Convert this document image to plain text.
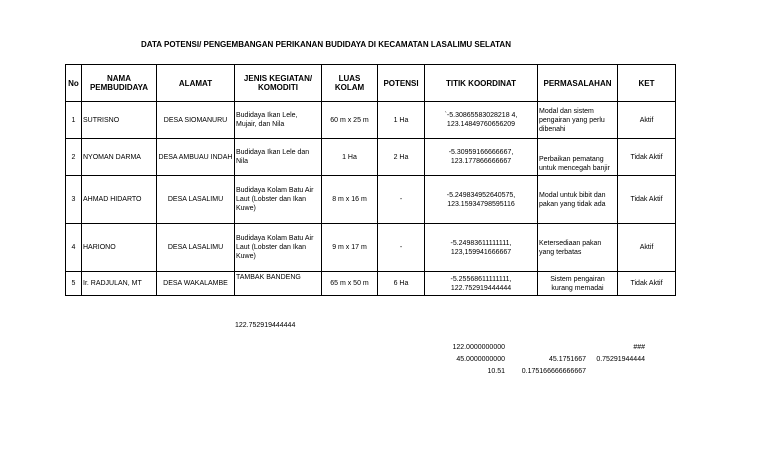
DATA POTENSI/ PENGEMBANGAN PERIKANAN BUDIDAYA DI KECAMATAN LASALIMU SELATAN
No	NAMA PEMBUDIDAYA	ALAMAT	JENIS KEGIATAN/ KOMODITI	LUAS KOLAM	POTENSI	TITIK KOORDINAT	PERMASALAHAN	KET
1	SUTRISNO	DESA SIOMANURU	Budidaya Ikan Lele, Mujair, dan Nila	60 m x 25 m	1 Ha	`-5.30865583028218 4, 123.14849760656209	Modal dan sistem pengairan yang perlu dibenahi	Aktif
2	NYOMAN DARMA	DESA AMBUAU INDAH	Budidaya Ikan Lele dan Nila	1 Ha	2 Ha	-5.30959166666667, 123.177866666667	Perbaikan pematang untuk mencegah banjir	Tidak Aktif
3	AHMAD HIDARTO	DESA LASALIMU	Budidaya Kolam Batu Air Laut (Lobster dan Ikan Kuwe)	8 m x 16 m	-	-5.249834952640575, 123.15934798595116	Modal untuk bibit dan pakan yang tidak ada	Tidak Aktif
4	HARIONO	DESA LASALIMU	Budidaya Kolam Batu Air Laut (Lobster dan Ikan Kuwe)	9 m x 17 m	-	-5.24983611111111, 123,159941666667	Ketersediaan pakan yang terbatas	Aktif
5	Ir. RADJULAN, MT	DESA WAKALAMBE	TAMBAK BANDENG	65 m x 50 m	6 Ha	-5.25568611111111, 122.752919444444	Sistem pengairan kurang memadai	Tidak Aktif
122.752919444444
122.0000000000	###
45.0000000000	45.1751667	0.75291944444
10.51	0.175166666666667
